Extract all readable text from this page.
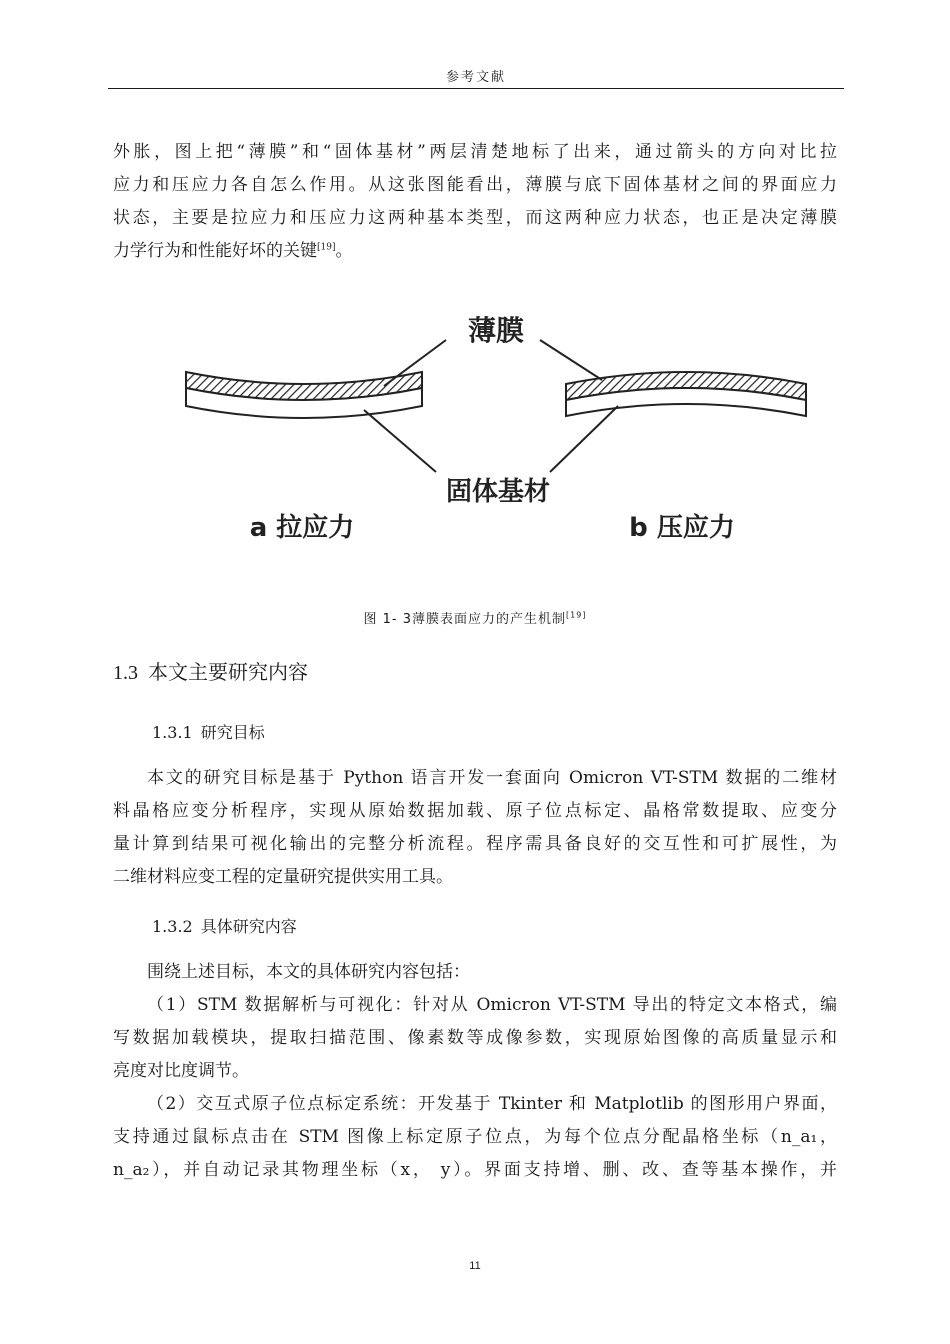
参考文献

外胀，图上把“薄膜”和“固体基材”两层清楚地标了出来，通过箭头的方向对比拉
应力和压应力各自怎么作用。从这张图能看出，薄膜与底下固体基材之间的界面应力
状态，主要是拉应力和压应力这两种基本类型，而这两种应力状态，也正是决定薄膜
力学行为和性能好坏的关键[19]。

薄膜
固体基材
a 拉应力	b 压应力
图 1- 3薄膜表面应力的产生机制[19]
1.3 本文主要研究内容
1.3.1 研究目标

本文的研究目标是基于 Python 语言开发一套面向 Omicron VT-STM 数据的二维材
料晶格应变分析程序，实现从原始数据加载、原子位点标定、晶格常数提取、应变分
量计算到结果可视化输出的完整分析流程。程序需具备良好的交互性和可扩展性，为
二维材料应变工程的定量研究提供实用工具。

1.3.2 具体研究内容

围绕上述目标，本文的具体研究内容包括：

（1）STM 数据解析与可视化：针对从 Omicron VT-STM 导出的特定文本格式，编
写数据加载模块，提取扫描范围、像素数等成像参数，实现原始图像的高质量显示和
亮度对比度调节。

（2）交互式原子位点标定系统：开发基于 Tkinter 和 Matplotlib 的图形用户界面，
支持通过鼠标点击在 STM 图像上标定原子位点，为每个位点分配晶格坐标（n_a₁，
n_a₂），并自动记录其物理坐标（x， y）。界面支持增、删、改、查等基本操作，并

11
